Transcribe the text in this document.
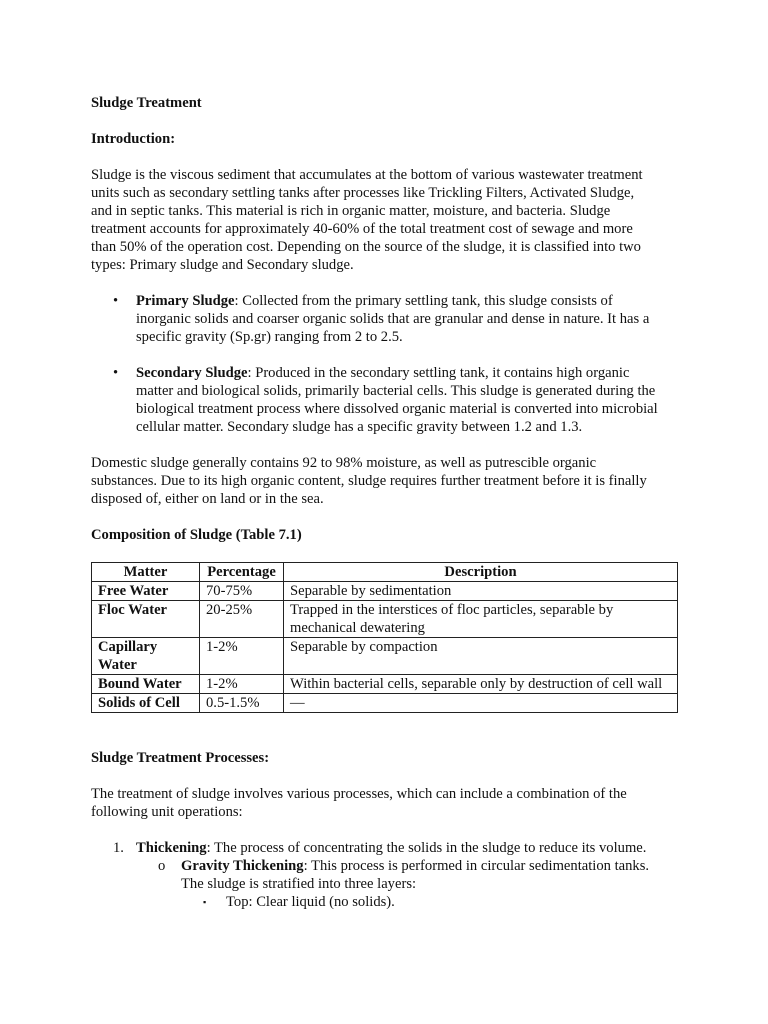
Sludge Treatment

Introduction:

Sludge is the viscous sediment that accumulates at the bottom of various wastewater treatment

units such as secondary settling tanks after processes like Trickling Filters, Activated Sludge,

and in septic tanks. This material is rich in organic matter, moisture, and bacteria. Sludge

treatment accounts for approximately 40-60% of the total treatment cost of sewage and more

than 50% of the operation cost. Depending on the source of the sludge, it is classified into two

types: Primary sludge and Secondary sludge.

• Primary Sludge: Collected from the primary settling tank, this sludge consists of

inorganic solids and coarser organic solids that are granular and dense in nature. It has a

specific gravity (Sp.gr) ranging from 2 to 2.5.

• Secondary Sludge: Produced in the secondary settling tank, it contains high organic

matter and biological solids, primarily bacterial cells. This sludge is generated during the

biological treatment process where dissolved organic material is converted into microbial

cellular matter. Secondary sludge has a specific gravity between 1.2 and 1.3.

Domestic sludge generally contains 92 to 98% moisture, as well as putrescible organic

substances. Due to its high organic content, sludge requires further treatment before it is finally

disposed of, either on land or in the sea.

Composition of Sludge (Table 7.1)

Matter	Percentage	Description
Free Water	70-75%	Separable by sedimentation
Floc Water	20-25%	Trapped in the interstices of floc particles, separable by mechanical dewatering
Capillary Water	1-2%	Separable by compaction
Bound Water	1-2%	Within bacterial cells, separable only by destruction of cell wall
Solids of Cell	0.5-1.5%	—

Sludge Treatment Processes:

The treatment of sludge involves various processes, which can include a combination of the

following unit operations:

1. Thickening: The process of concentrating the solids in the sludge to reduce its volume.

o Gravity Thickening: This process is performed in circular sedimentation tanks.

The sludge is stratified into three layers:

▪ Top: Clear liquid (no solids).
